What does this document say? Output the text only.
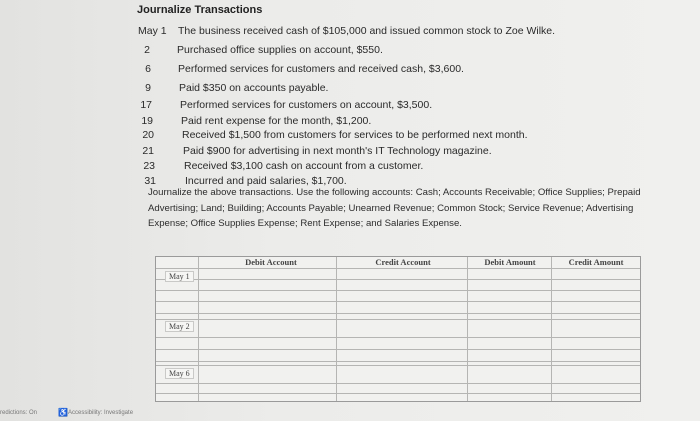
Journalize Transactions
May 1 The business received cash of $105,000 and issued common stock to Zoe Wilke.
2	Purchased office supplies on account, $550.
6	Performed services for customers and received cash, $3,600.
9	Paid $350 on accounts payable.
17	Performed services for customers on account, $3,500.
19	Paid rent expense for the month, $1,200.
20	Received $1,500 from customers for services to be performed next month.
21	Paid $900 for advertising in next month's IT Technology magazine.
23	Received $3,100 cash on account from a customer.
31	Incurred and paid salaries, $1,700.
Journalize the above transactions. Use the following accounts: Cash; Accounts Receivable; Office Supplies; Prepaid Advertising; Land; Building; Accounts Payable; Unearned Revenue; Common Stock; Service Revenue; Advertising Expense; Office Supplies Expense; Rent Expense; and Salaries Expense.
Debit Account	Credit Account	Debit Amount	Credit Amount
May 1
May 2
May 6
redictions: On	♿ Accessibility: Investigate
